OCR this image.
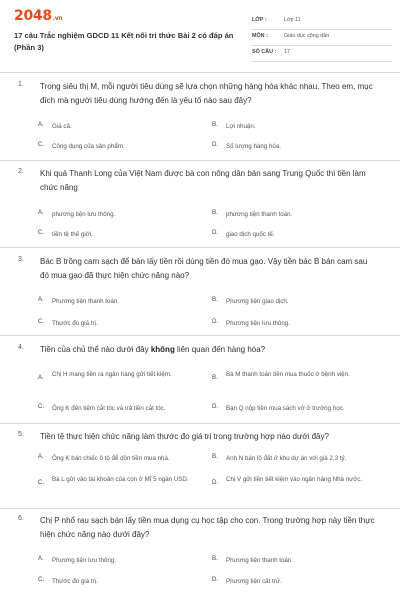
2048.vn
17 câu Trắc nghiệm GDCD 11 Kết nối tri thức Bài 2 có đáp án (Phần 3)
LỚP :	Lớp 11
MÔN :	Giáo dục công dân
SỐ CÂU : 17
1. Trong siêu thị M, mỗi người tiêu dùng sẽ lựa chọn những hàng hóa khác nhau. Theo em, mục đích mà người tiêu dùng hướng đến là yếu tố nào sau đây?
A. Giá cả.	B. Lợi nhuận.
C. Công dụng của sản phẩm.	D. Số lượng hàng hóa.
2. Khi quả Thanh Long của Việt Nam được bà con nông dân bán sang Trung Quốc thì tiền làm chức năng
A. phương tiện lưu thông.	B. phương tiện thanh toán.
C. tiền tệ thế giới.	D. giao dịch quốc tế.
3. Bác B trồng cam sạch để bán lấy tiền rồi dùng tiền đó mua gạo. Vậy tiền bác B bán cam sau đó mua gạo đã thực hiện chức năng nào?
A. Phương tiện thanh toán.	B. Phương tiện giao dịch.
C. Thước đo giá trị.	D. Phương tiện lưu thông.
4. Tiền của chủ thể nào dưới đây không liên quan đến hàng hóa?
A. Chị H mang tiền ra ngân hàng gửi tiết kiệm.	B. Bà M thanh toán tiền mua thuốc ở bệnh viện.
C. Ông K đến tiệm cắt tóc và trả tiền cắt tóc.	D. Bạn Q nộp tiền mua sách vở ở trường học.
5. Tiền tệ thực hiện chức năng làm thước đo giá trị trong trường hợp nào dưới đây?
A. Ông K bán chiếc ô tô để dồn tiền mua nhà.	B. Anh N bán lô đất ở khu dự án với giá 2,3 tỷ.
C. Bà L gửi vào tài khoản của con ở Mĩ 5 ngàn USD.	D. Chị V gửi tiền tiết kiệm vào ngân hàng Nhà nước.
6. Chị P nhổ rau sạch bán lấy tiền mua dụng cụ học tập cho con. Trong trường hợp này tiền thực hiện chức năng nào dưới đây?
A. Phương tiện lưu thông.	B. Phương tiện thanh toán.
C. Thước đo giá trị.	D. Phương tiện cất trữ.
